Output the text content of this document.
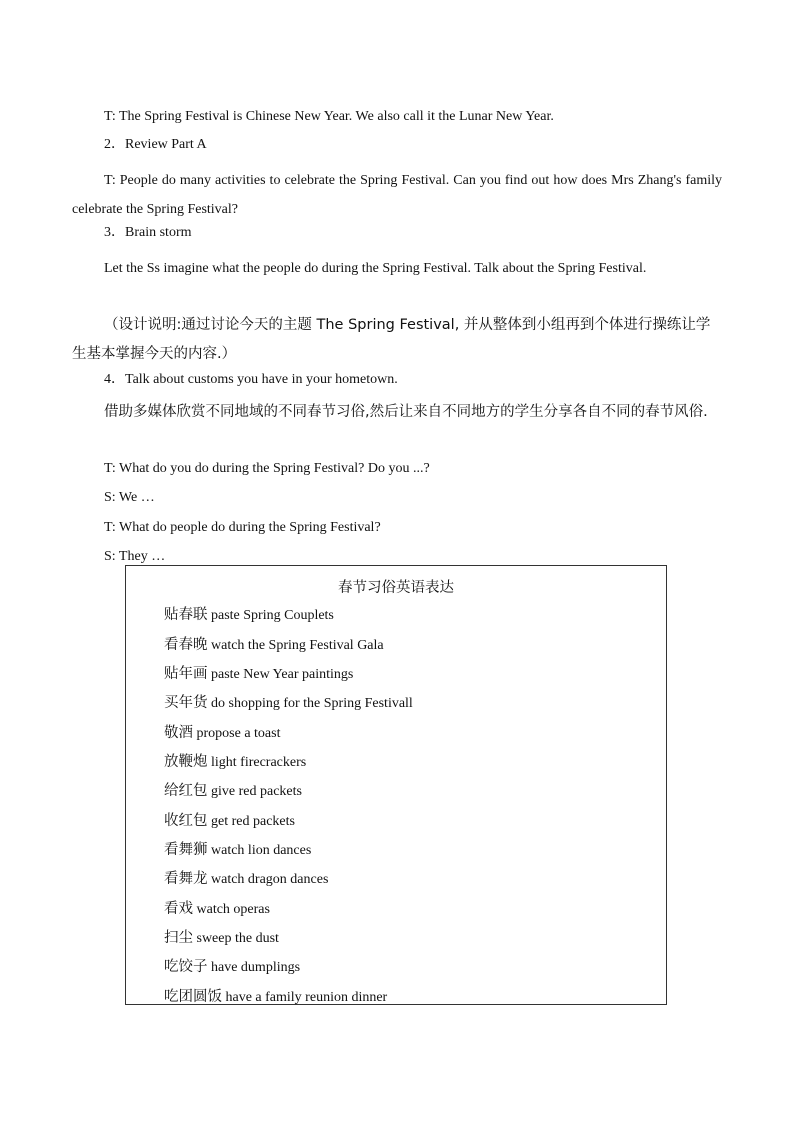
T: The Spring Festival is Chinese New Year. We also call it the Lunar New Year.
2．Review Part A
T: People do many activities to celebrate the Spring Festival. Can you find out how does Mrs Zhang's family celebrate the Spring Festival?
3．Brain storm
Let the Ss imagine what the people do during the Spring Festival. Talk about the Spring Festival.
（设计说明:通过讨论今天的主题 The Spring Festival, 并从整体到小组再到个体进行操练让学生基本掌握今天的内容.）
4．Talk about customs you have in your hometown.
借助多媒体欣赏不同地域的不同春节习俗,然后让来自不同地方的学生分享各自不同的春节风俗.
T: What do you do during the Spring Festival? Do you ...?
S: We …
T: What do people do during the Spring Festival?
S: They …
春节习俗英语表达
贴春联 paste Spring Couplets
看春晚 watch the Spring Festival Gala
贴年画 paste New Year paintings
买年货 do shopping for the Spring Festivall
敬酒 propose a toast
放鞭炮 light firecrackers
给红包 give red packets
收红包 get red packets
看舞狮 watch lion dances
看舞龙 watch dragon dances
看戏 watch operas
扫尘 sweep the dust
吃饺子 have dumplings
吃团圆饭 have a family reunion dinner
